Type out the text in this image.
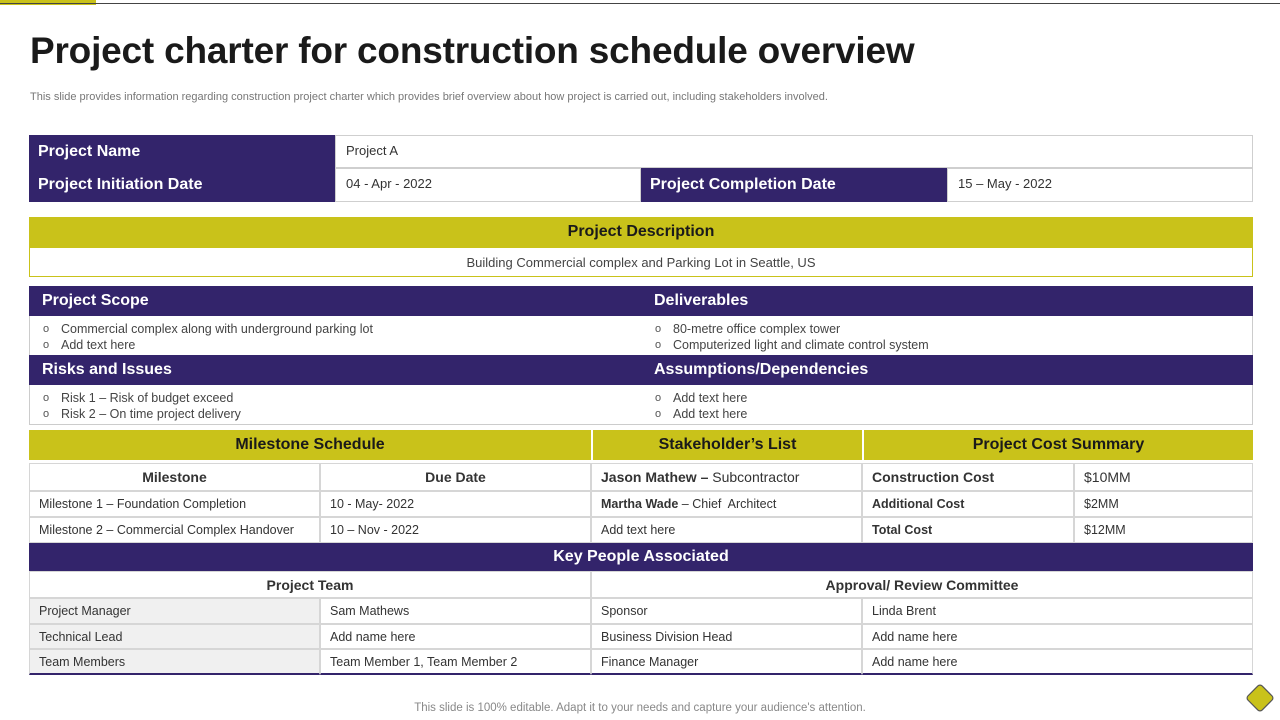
Project charter for construction schedule overview
This slide provides information regarding construction project charter which provides brief overview about how project is carried out, including stakeholders involved.
Project Name	Project A
Project Initiation Date	04 - Apr - 2022	Project Completion Date	15 – May - 2022
Project Description
Building Commercial complex and Parking Lot in Seattle, US
Project Scope	Deliverables
o Commercial complex along with underground parking lot
o Add text here
o 80-metre office complex tower
o Computerized light and climate control system
Risks and Issues	Assumptions/Dependencies
o Risk 1 – Risk of budget exceed
o Risk 2 – On time project delivery
o Add text here
o Add text here
Milestone Schedule	Stakeholder’s List	Project Cost Summary
Milestone	Due Date
Milestone 1 – Foundation Completion	10 - May- 2022
Milestone 2 – Commercial Complex Handover	10 – Nov - 2022
Jason Mathew – Subcontractor
Martha Wade – Chief  Architect
Add text here
Construction Cost	$10MM
Additional Cost	$2MM
Total Cost	$12MM
Key People Associated
Project Team	Approval/ Review Committee
Project Manager	Sam Mathews	Sponsor	Linda Brent
Technical Lead	Add name here	Business Division Head	Add name here
Team Members	Team Member 1, Team Member 2	Finance Manager	Add name here
This slide is 100% editable. Adapt it to your needs and capture your audience's attention.
